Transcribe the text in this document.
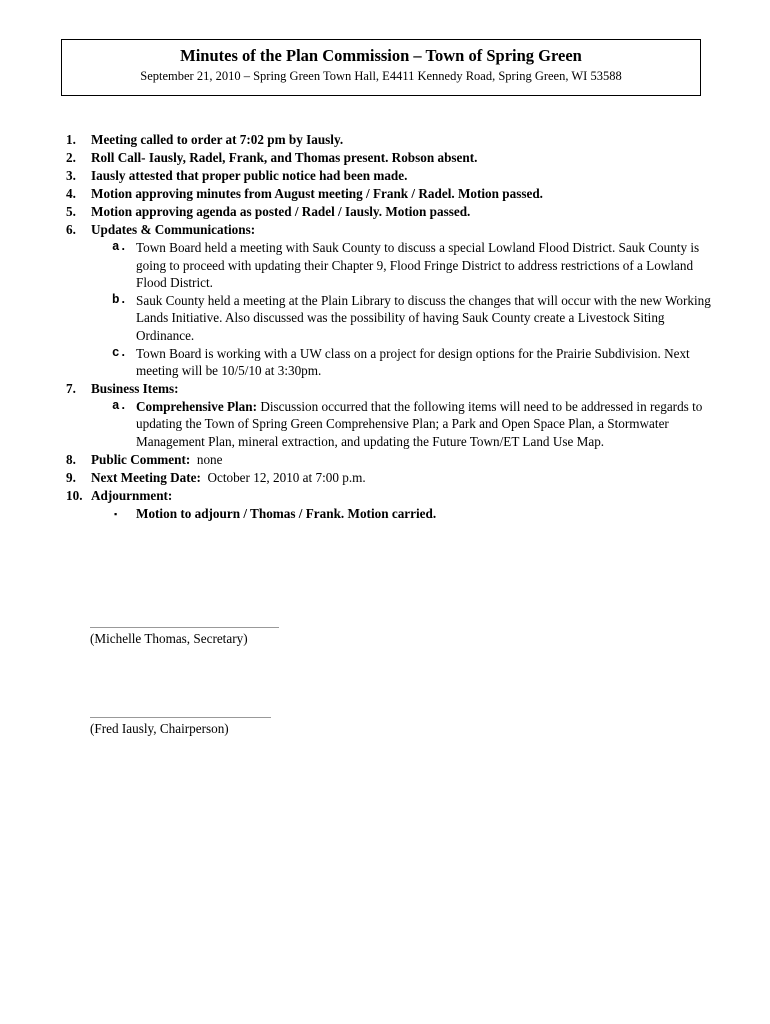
Minutes of the Plan Commission – Town of Spring Green
September 21, 2010 – Spring Green Town Hall, E4411 Kennedy Road, Spring Green, WI 53588
1.	Meeting called to order at 7:02 pm by Iausly.
2.	Roll Call- Iausly, Radel, Frank, and Thomas present. Robson absent.
3.	Iausly attested that proper public notice had been made.
4.	Motion approving minutes from August meeting / Frank / Radel. Motion passed.
5.	Motion approving agenda as posted / Radel / Iausly. Motion passed.
6.	Updates & Communications:
a. Town Board held a meeting with Sauk County to discuss a special Lowland Flood District. Sauk County is going to proceed with updating their Chapter 9, Flood Fringe District to address restrictions of a Lowland Flood District.
b. Sauk County held a meeting at the Plain Library to discuss the changes that will occur with the new Working Lands Initiative. Also discussed was the possibility of having Sauk County create a Livestock Siting Ordinance.
c. Town Board is working with a UW class on a project for design options for the Prairie Subdivision. Next meeting will be 10/5/10 at 3:30pm.
7.	Business Items:
a. Comprehensive Plan: Discussion occurred that the following items will need to be addressed in regards to updating the Town of Spring Green Comprehensive Plan; a Park and Open Space Plan, a Stormwater Management Plan, mineral extraction, and updating the Future Town/ET Land Use Map.
8.	Public Comment:  none
9.	Next Meeting Date:  October 12, 2010 at 7:00 p.m.
10. Adjournment:
▪ Motion to adjourn / Thomas / Frank. Motion carried.
(Michelle Thomas, Secretary)
(Fred Iausly, Chairperson)
